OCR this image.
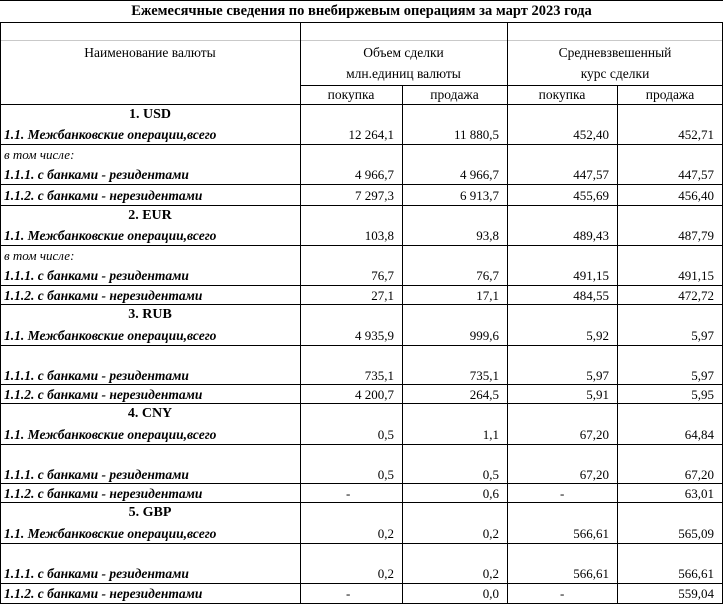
Ежемесячные сведения по внебиржевым операциям за март 2023 года
Наименование валюты	Объем сделки
млн.единиц валюты
Средневзвешенный
курс сделки
покупка	продажа	покупка	продажа
1. USD
1.1. Межбанковские операции,всего	12 264,1	11 880,5	452,40	452,71
в том числе:
1.1.1. с банками - резидентами	4 966,7	4 966,7	447,57	447,57
1.1.2. с банками - нерезидентами	7 297,3	6 913,7	455,69	456,40
2. EUR
1.1. Межбанковские операции,всего	103,8	93,8	489,43	487,79
в том числе:
1.1.1. с банками - резидентами	76,7	76,7	491,15	491,15
1.1.2. с банками - нерезидентами	27,1	17,1	484,55	472,72
3. RUB
1.1. Межбанковские операции,всего	4 935,9	999,6	5,92	5,97
1.1.1. с банками - резидентами	735,1	735,1	5,97	5,97
1.1.2. с банками - нерезидентами	4 200,7	264,5	5,91	5,95
4. CNY
1.1. Межбанковские операции,всего	0,5	1,1	67,20	64,84
1.1.1. с банками - резидентами	0,5	0,5	67,20	67,20
1.1.2. с банками - нерезидентами	-	0,6	-	63,01
5. GBP
1.1. Межбанковские операции,всего	0,2	0,2	566,61	565,09
1.1.1. с банками - резидентами	0,2	0,2	566,61	566,61
1.1.2. с банками - нерезидентами	-	0,0	-	559,04
